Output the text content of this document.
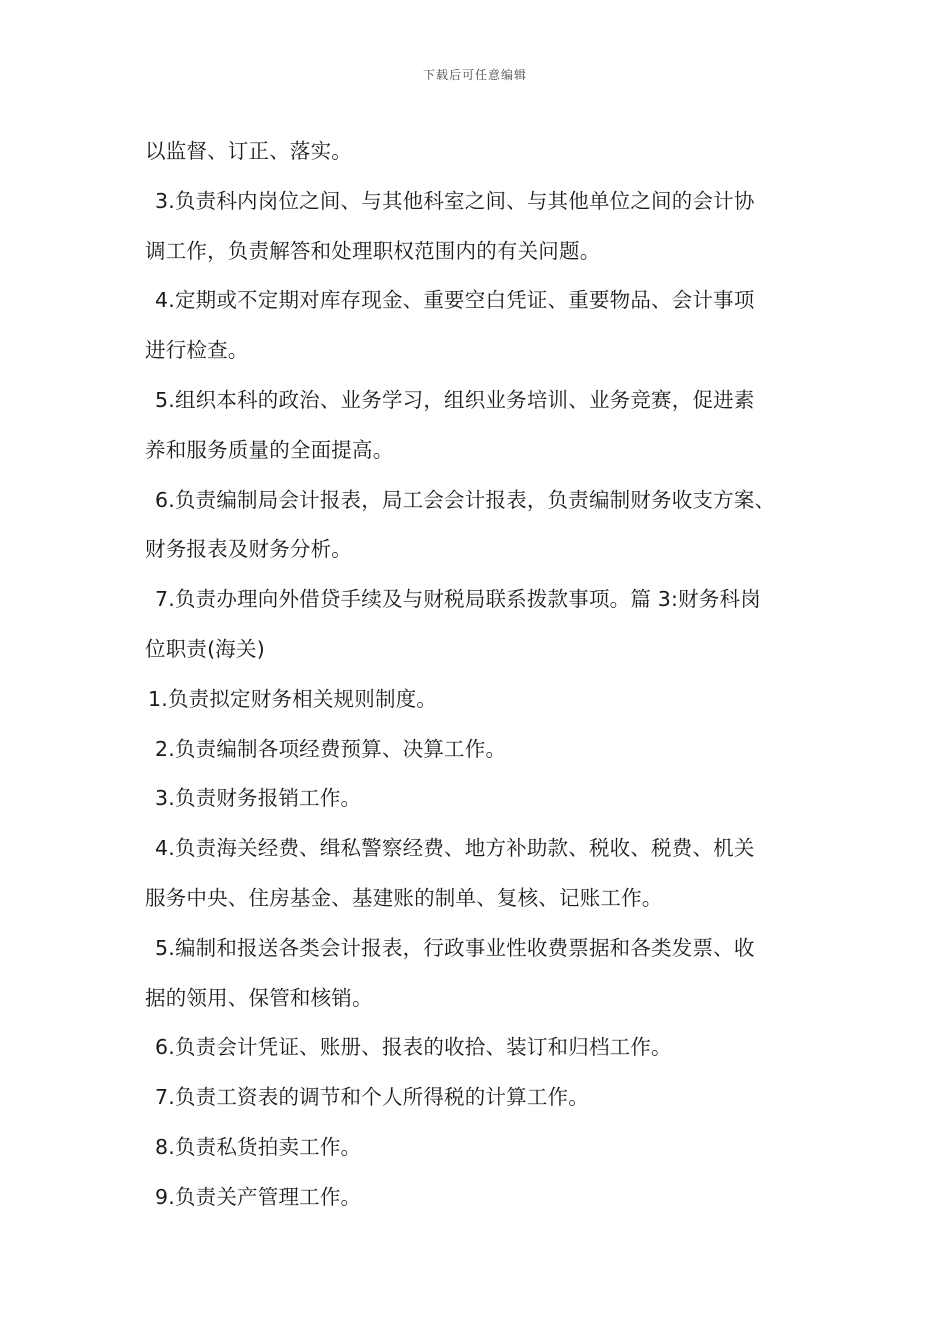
下载后可任意编辑
以监督、订正、落实。
3.负责科内岗位之间、与其他科室之间、与其他单位之间的会计协
调工作，负责解答和处理职权范围内的有关问题。
4.定期或不定期对库存现金、重要空白凭证、重要物品、会计事项
进行检查。
5.组织本科的政治、业务学习，组织业务培训、业务竞赛，促进素
养和服务质量的全面提高。
6.负责编制局会计报表，局工会会计报表，负责编制财务收支方案、
财务报表及财务分析。
7.负责办理向外借贷手续及与财税局联系拨款事项。篇 3:财务科岗
位职责(海关)
1.负责拟定财务相关规则制度。
2.负责编制各项经费预算、决算工作。
3.负责财务报销工作。
4.负责海关经费、缉私警察经费、地方补助款、税收、税费、机关
服务中央、住房基金、基建账的制单、复核、记账工作。
5.编制和报送各类会计报表，行政事业性收费票据和各类发票、收
据的领用、保管和核销。
6.负责会计凭证、账册、报表的收拾、装订和归档工作。
7.负责工资表的调节和个人所得税的计算工作。
8.负责私货拍卖工作。
9.负责关产管理工作。
